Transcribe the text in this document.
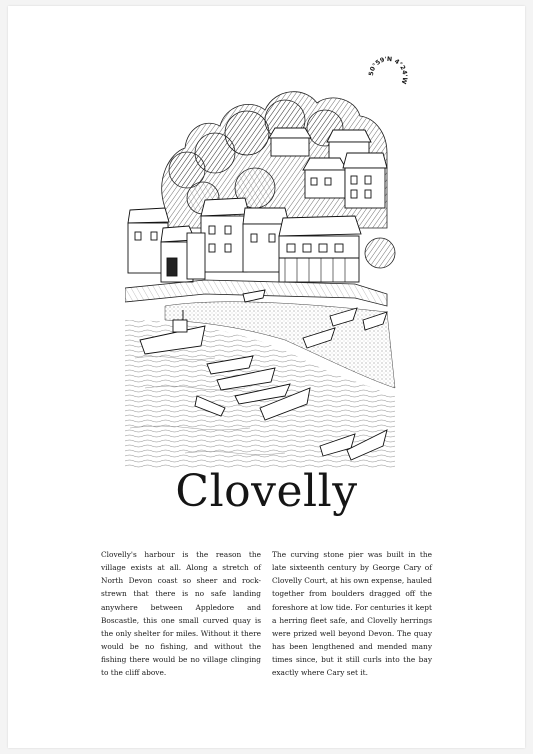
50°59'N 4°24'W
Clovelly
Clovelly's harbour is the reason the village exists at all. Along a stretch of North Devon coast so sheer and rock-strewn that there is no safe landing anywhere between Appledore and Boscastle, this one small curved quay is the only shelter for miles. Without it there would be no fishing, and without the fishing there would be no village clinging to the cliff above.
The curving stone pier was built in the late sixteenth century by George Cary of Clovelly Court, at his own expense, hauled together from boulders dragged off the foreshore at low tide. For centuries it kept a herring fleet safe, and Clovelly herrings were prized well beyond Devon. The quay has been lengthened and mended many times since, but it still curls into the bay exactly where Cary set it.
